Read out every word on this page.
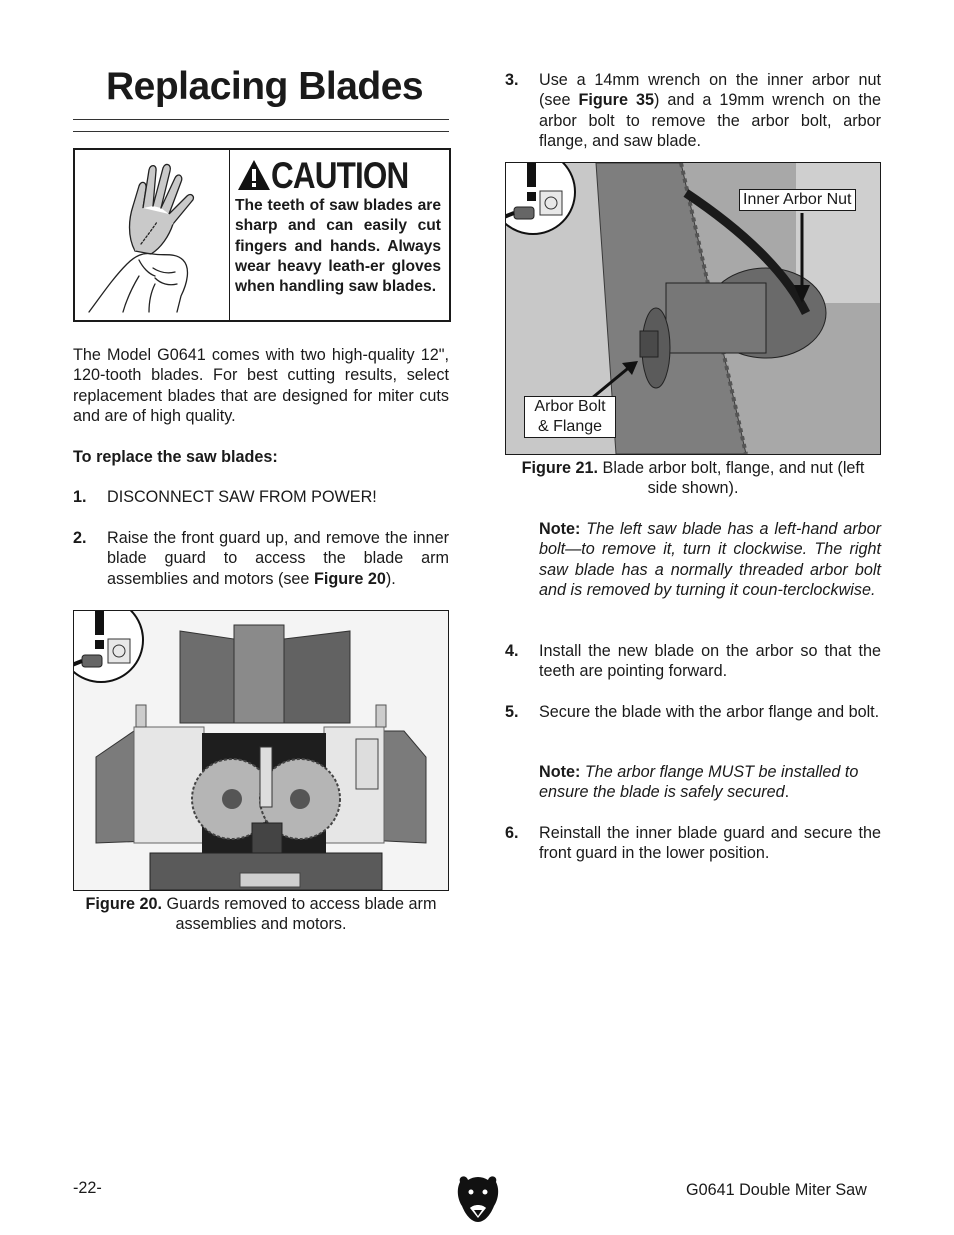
Replacing Blades
CAUTION

The teeth of saw blades are sharp and can easily cut fingers and hands. Always wear heavy leath-er gloves when handling saw blades.

The Model G0641 comes with two high-quality 12", 120-tooth blades. For best cutting results, select replacement blades that are designed for miter cuts and are of high quality.

To replace the saw blades:

1. DISCONNECT SAW FROM POWER!
2. Raise the front guard up, and remove the inner blade guard to access the blade arm assemblies and motors (see Figure 20).

Figure 20. Guards removed to access blade arm assemblies and motors.

3. Use a 14mm wrench on the inner arbor nut (see Figure 35) and a 19mm wrench on the arbor bolt to remove the arbor bolt, arbor flange, and saw blade.
Inner Arbor Nut
Arbor Bolt
& Flange

Figure 21. Blade arbor bolt, flange, and nut (left side shown).

Note: The left saw blade has a left-hand arbor bolt—to remove it, turn it clockwise. The right saw blade has a normally threaded arbor bolt and is removed by turning it coun-terclockwise.

4. Install the new blade on the arbor so that the teeth are pointing forward.
5. Secure the blade with the arbor flange and bolt.

Note: The arbor flange MUST be installed to ensure the blade is safely secured.

6. Reinstall the inner blade guard and secure the front guard in the lower position.
-22-	G0641 Double Miter Saw
